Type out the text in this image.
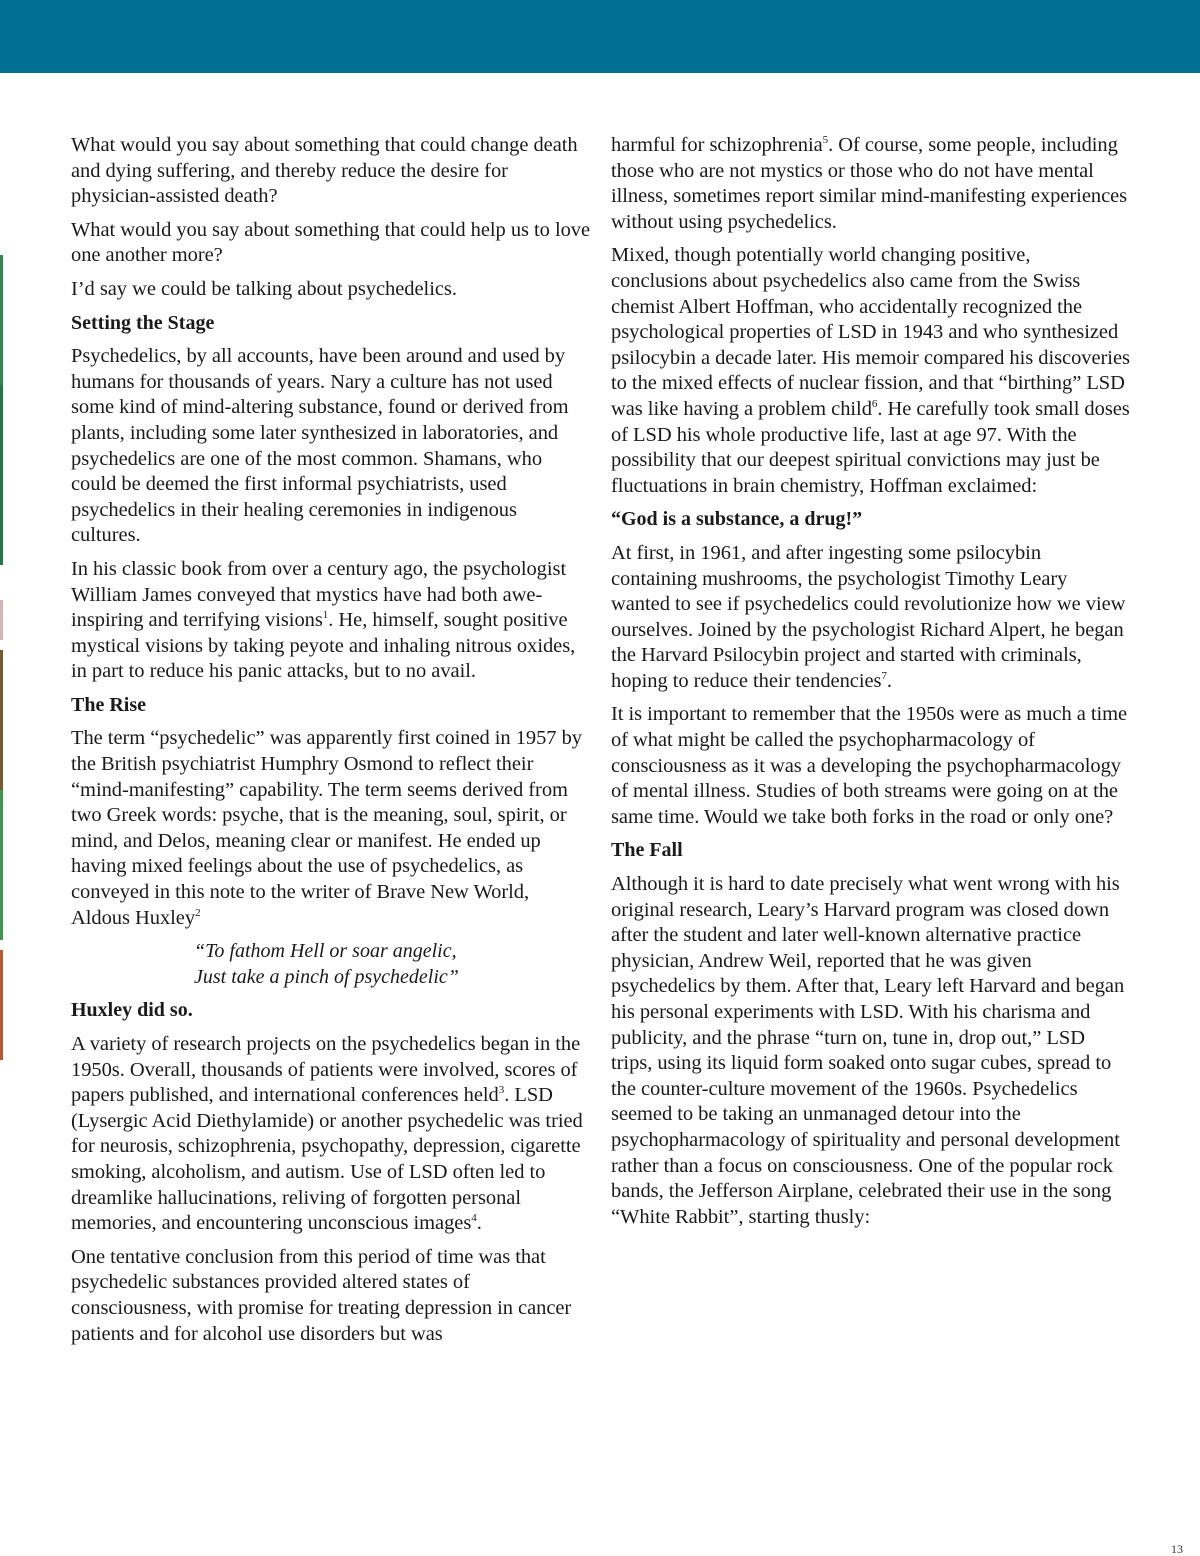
What would you say about something that could change death and dying suffering, and thereby reduce the desire for physician-assisted death?

What would you say about something that could help us to love one another more?

I’d say we could be talking about psychedelics.

Setting the Stage

Psychedelics, by all accounts, have been around and used by humans for thousands of years. Nary a culture has not used some kind of mind-altering substance, found or derived from plants, including some later synthesized in laboratories, and psychedelics are one of the most common. Shamans, who could be deemed the first informal psychiatrists, used psychedelics in their healing ceremonies in indigenous cultures.

In his classic book from over a century ago, the psychologist William James conveyed that mystics have had both awe-inspiring and terrifying visions$^1$. He, himself, sought positive mystical visions by taking peyote and inhaling nitrous oxides, in part to reduce his panic attacks, but to no avail.

The Rise

The term “psychedelic” was apparently first coined in 1957 by the British psychiatrist Humphry Osmond to reflect their “mind-manifesting” capability. The term seems derived from two Greek words: psyche, that is the meaning, soul, spirit, or mind, and Delos, meaning clear or manifest. He ended up having mixed feelings about the use of psychedelics, as conveyed in this note to the writer of Brave New World, Aldous Huxley$^2$

“To fathom Hell or soar angelic,
Just take a pinch of psychedelic”

Huxley did so.

A variety of research projects on the psychedelics began in the 1950s. Overall, thousands of patients were involved, scores of papers published, and international conferences held$^3$. LSD (Lysergic Acid Diethylamide) or another psychedelic was tried for neurosis, schizophrenia, psychopathy, depression, cigarette smoking, alcoholism, and autism. Use of LSD often led to dreamlike hallucinations, reliving of forgotten personal memories, and encountering unconscious images$^4$.

One tentative conclusion from this period of time was that psychedelic substances provided altered states of consciousness, with promise for treating depression in cancer patients and for alcohol use disorders but was

harmful for schizophrenia$^5$. Of course, some people, including those who are not mystics or those who do not have mental illness, sometimes report similar mind-manifesting experiences without using psychedelics.

Mixed, though potentially world changing positive, conclusions about psychedelics also came from the Swiss chemist Albert Hoffman, who accidentally recognized the psychological properties of LSD in 1943 and who synthesized psilocybin a decade later. His memoir compared his discoveries to the mixed effects of nuclear fission, and that “birthing” LSD was like having a problem child$^6$. He carefully took small doses of LSD his whole productive life, last at age 97. With the possibility that our deepest spiritual convictions may just be fluctuations in brain chemistry, Hoffman exclaimed:

“God is a substance, a drug!”

At first, in 1961, and after ingesting some psilocybin containing mushrooms, the psychologist Timothy Leary wanted to see if psychedelics could revolutionize how we view ourselves. Joined by the psychologist Richard Alpert, he began the Harvard Psilocybin project and started with criminals, hoping to reduce their tendencies$^7$.

It is important to remember that the 1950s were as much a time of what might be called the psychopharmacology of consciousness as it was a developing the psychopharmacology of mental illness. Studies of both streams were going on at the same time. Would we take both forks in the road or only one?

The Fall

Although it is hard to date precisely what went wrong with his original research, Leary’s Harvard program was closed down after the student and later well-known alternative practice physician, Andrew Weil, reported that he was given psychedelics by them. After that, Leary left Harvard and began his personal experiments with LSD. With his charisma and publicity, and the phrase “turn on, tune in, drop out,” LSD trips, using its liquid form soaked onto sugar cubes, spread to the counter-culture movement of the 1960s. Psychedelics seemed to be taking an unmanaged detour into the psychopharmacology of spirituality and personal development rather than a focus on consciousness. One of the popular rock bands, the Jefferson Airplane, celebrated their use in the song “White Rabbit”, starting thusly:

13
